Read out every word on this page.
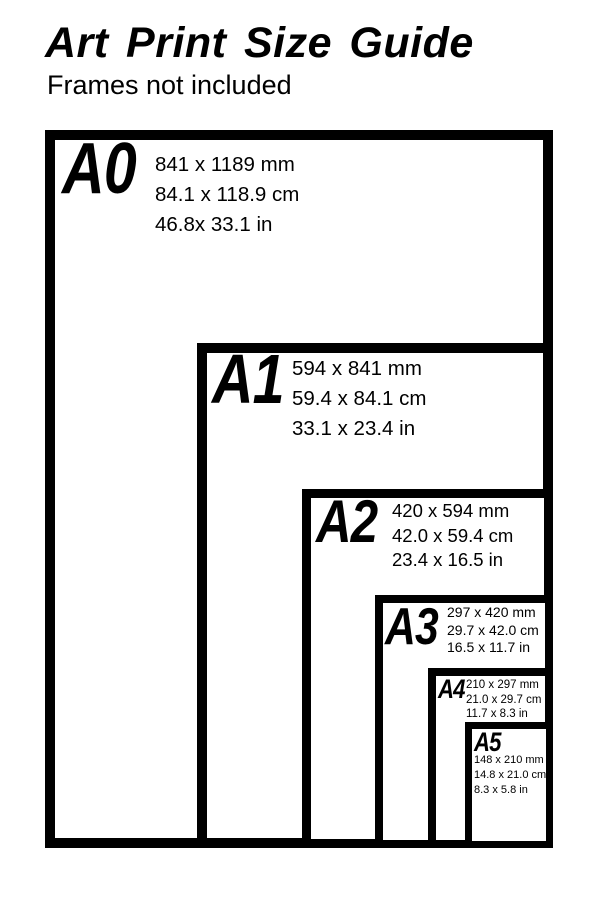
Art Print Size Guide
Frames not included
A0 841 x 1189 mm
84.1 x 118.9 cm
46.8x 33.1 in
A1 594 x 841 mm
59.4 x 84.1 cm
33.1 x 23.4 in
A2 420 x 594 mm
42.0 x 59.4 cm
23.4 x 16.5 in
A3 297 x 420 mm
29.7 x 42.0 cm
16.5 x 11.7 in
A4 210 x 297 mm
21.0 x 29.7 cm
11.7 x 8.3 in
A5
148 x 210 mm
14.8 x 21.0 cm
8.3 x 5.8 in
